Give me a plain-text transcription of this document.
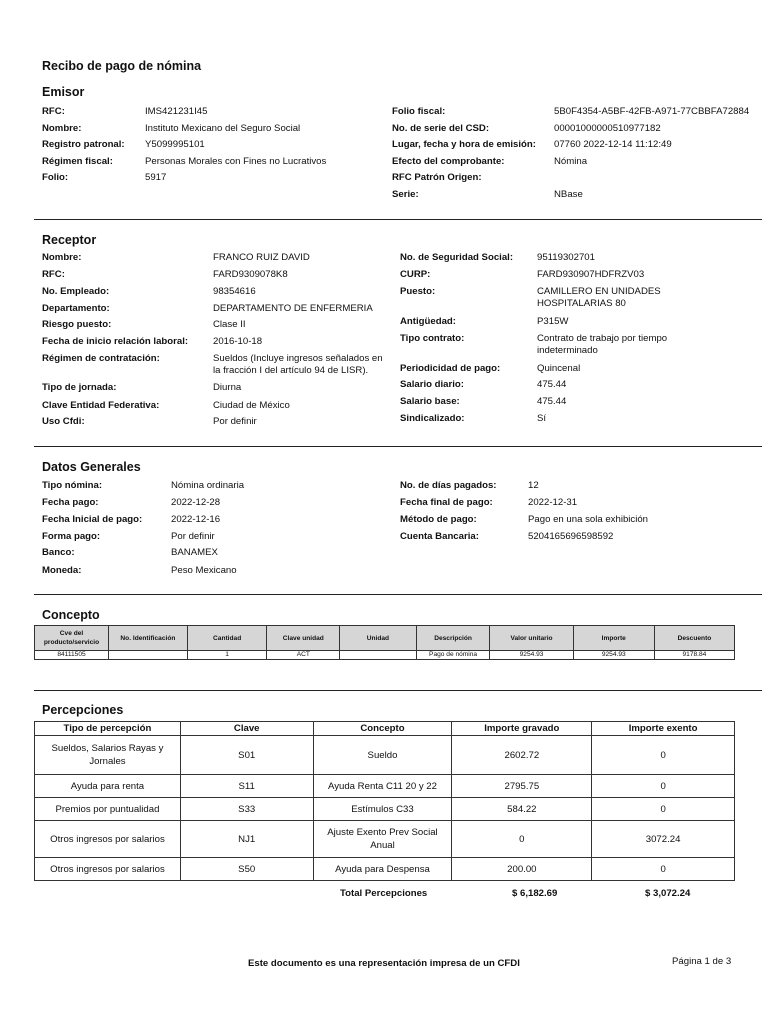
Recibo de pago de nómina
Emisor
RFC:	IMS421231I45
Nombre:	Instituto Mexicano del Seguro Social
Registro patronal: Y5099995101
Régimen fiscal:	Personas Morales con Fines no Lucrativos
Folio:	5917
Folio fiscal:	5B0F4354-A5BF-42FB-A971-77CBBFA72884
No. de serie del CSD:	00001000000510977182
Lugar, fecha y hora de emisión: 07760 2022-12-14 11:12:49
Efecto del comprobante:	Nómina
RFC Patrón Origen:
Serie:	NBase
Receptor
Nombre:	FRANCO RUIZ DAVID
RFC:	FARD9309078K8
No. Empleado:	98354616
Departamento:	DEPARTAMENTO DE ENFERMERIA
Riesgo puesto:	Clase II
Fecha de inicio relación laboral:	2016-10-18
Régimen de contratación:	Sueldos (Incluye ingresos señalados en la fracción I del artículo 94 de LISR).
Tipo de jornada:	Diurna
Clave Entidad Federativa:	Ciudad de México
Uso Cfdi:	Por definir
No. de Seguridad Social: 95119302701
CURP:	FARD930907HDFRZV03
Puesto:	CAMILLERO EN UNIDADES HOSPITALARIAS 80
Antigüedad:	P315W
Tipo contrato:	Contrato de trabajo por tiempo indeterminado
Periodicidad de pago:	Quincenal
Salario diario:	475.44
Salario base:	475.44
Sindicalizado:	Sí
Datos Generales
Tipo nómina:	Nómina ordinaria
Fecha pago:	2022-12-28
Fecha Inicial de pago:	2022-12-16
Forma pago:	Por definir
Banco:	BANAMEX
Moneda:	Peso Mexicano
No. de días pagados:	12
Fecha final de pago:	2022-12-31
Método de pago:	Pago en una sola exhibición
Cuenta Bancaria:	5204165696598592
Concepto
Cve del producto/servicio	No. Identificación	Cantidad	Clave unidad	Unidad	Descripción	Valor unitario	Importe	Descuento
84111505		1	ACT		Pago de nómina	9254.93	9254.93	9178.84
Percepciones
Tipo de percepción	Clave	Concepto	Importe gravado	Importe exento
Sueldos, Salarios Rayas y Jornales	S01	Sueldo	2602.72	0
Ayuda para renta	S11	Ayuda Renta C11 20 y 22	2795.75	0
Premios por puntualidad	S33	Estímulos C33	584.22	0
Otros ingresos por salarios	NJ1	Ajuste Exento Prev Social Anual	0	3072.24
Otros ingresos por salarios	S50	Ayuda para Despensa	200.00	0
Total Percepciones	$ 6,182.69	$ 3,072.24
Este documento es una representación impresa de un CFDI	Página 1 de 3
